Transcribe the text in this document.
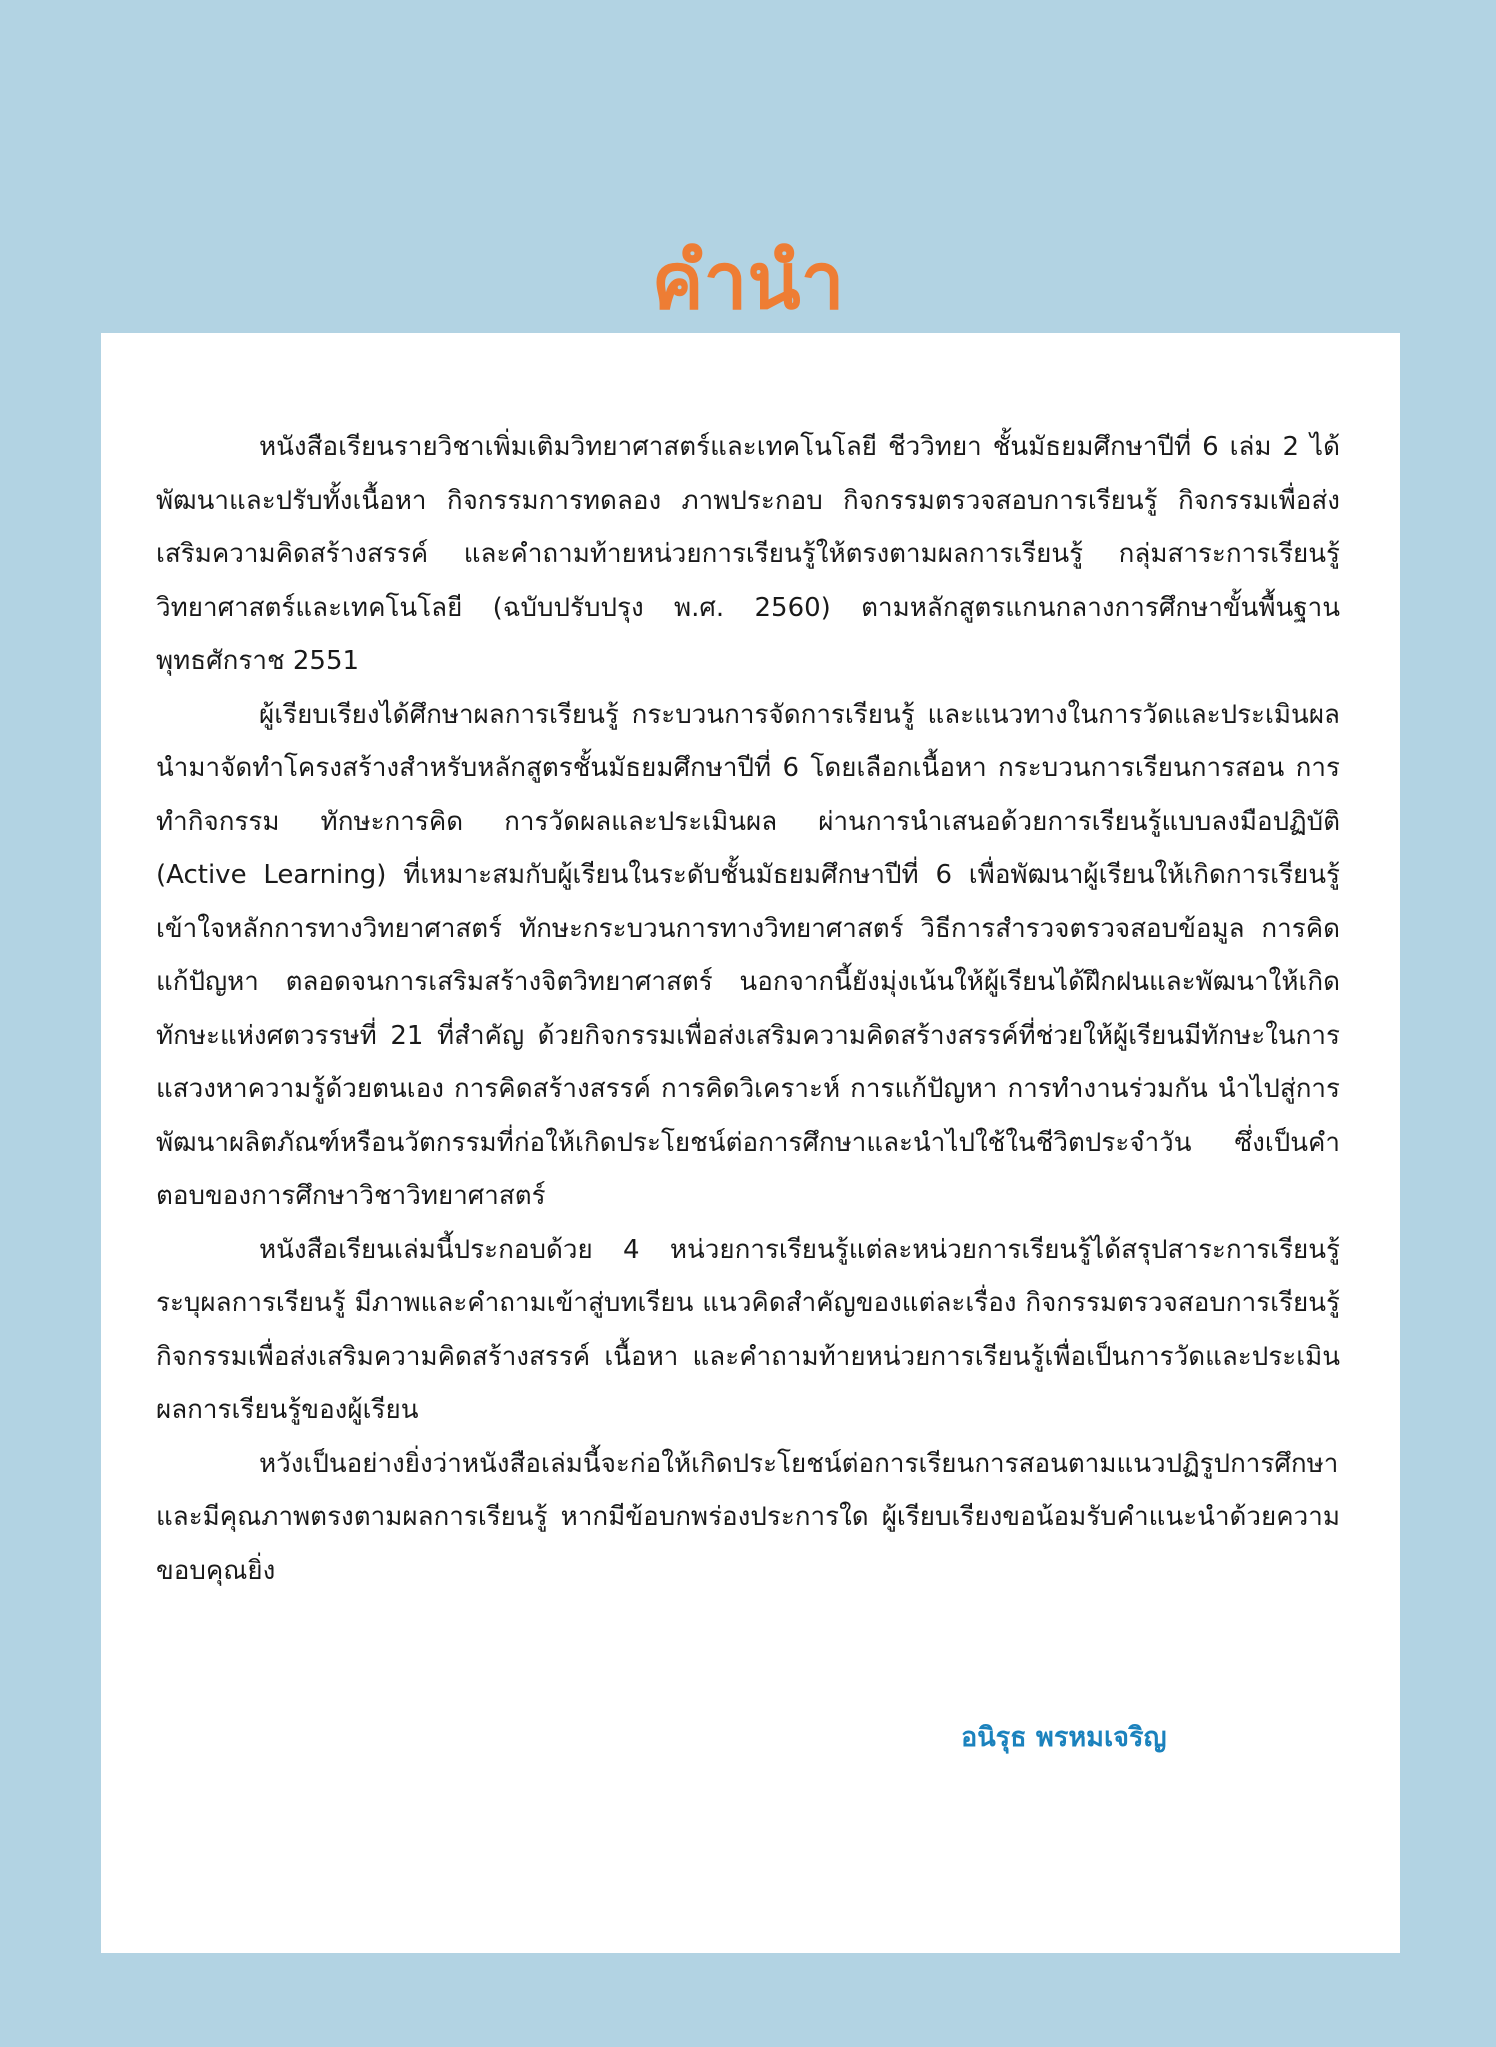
คำนำ

หนังสือเรียนรายวิชาเพิ่มเติมวิทยาศาสตร์และเทคโนโลยี ชีววิทยา ชั้นมัธยมศึกษาปีที่ 6 เล่ม 2 ได้พัฒนาและปรับทั้งเนื้อหา กิจกรรมการทดลอง ภาพประกอบ กิจกรรมตรวจสอบการเรียนรู้ กิจกรรมเพื่อส่งเสริมความคิดสร้างสรรค์ และคำถามท้ายหน่วยการเรียนรู้ให้ตรงตามผลการเรียนรู้ กลุ่มสาระการเรียนรู้วิทยาศาสตร์และเทคโนโลยี (ฉบับปรับปรุง พ.ศ. 2560) ตามหลักสูตรแกนกลางการศึกษาขั้นพื้นฐาน พุทธศักราช 2551

ผู้เรียบเรียงได้ศึกษาผลการเรียนรู้ กระบวนการจัดการเรียนรู้ และแนวทางในการวัดและประเมินผล นำมาจัดทำโครงสร้างสำหรับหลักสูตรชั้นมัธยมศึกษาปีที่ 6 โดยเลือกเนื้อหา กระบวนการเรียนการสอน การทำกิจกรรม ทักษะการคิด การวัดผลและประเมินผล ผ่านการนำเสนอด้วยการเรียนรู้แบบลงมือปฏิบัติ (Active Learning) ที่เหมาะสมกับผู้เรียนในระดับชั้นมัธยมศึกษาปีที่ 6 เพื่อพัฒนาผู้เรียนให้เกิดการเรียนรู้ เข้าใจหลักการทางวิทยาศาสตร์ ทักษะกระบวนการทางวิทยาศาสตร์ วิธีการสำรวจตรวจสอบข้อมูล การคิดแก้ปัญหา ตลอดจนการเสริมสร้างจิตวิทยาศาสตร์ นอกจากนี้ยังมุ่งเน้นให้ผู้เรียนได้ฝึกฝนและพัฒนาให้เกิดทักษะแห่งศตวรรษที่ 21 ที่สำคัญ ด้วยกิจกรรมเพื่อส่งเสริมความคิดสร้างสรรค์ที่ช่วยให้ผู้เรียนมีทักษะในการแสวงหาความรู้ด้วยตนเอง การคิดสร้างสรรค์ การคิดวิเคราะห์ การแก้ปัญหา การทำงานร่วมกัน นำไปสู่การพัฒนาผลิตภัณฑ์หรือนวัตกรรมที่ก่อให้เกิดประโยชน์ต่อการศึกษาและนำไปใช้ในชีวิตประจำวัน ซึ่งเป็นคำตอบของการศึกษาวิชาวิทยาศาสตร์

หนังสือเรียนเล่มนี้ประกอบด้วย 4 หน่วยการเรียนรู้แต่ละหน่วยการเรียนรู้ได้สรุปสาระการเรียนรู้ ระบุผลการเรียนรู้ มีภาพและคำถามเข้าสู่บทเรียน แนวคิดสำคัญของแต่ละเรื่อง กิจกรรมตรวจสอบการเรียนรู้ กิจกรรมเพื่อส่งเสริมความคิดสร้างสรรค์ เนื้อหา และคำถามท้ายหน่วยการเรียนรู้เพื่อเป็นการวัดและประเมินผลการเรียนรู้ของผู้เรียน

หวังเป็นอย่างยิ่งว่าหนังสือเล่มนี้จะก่อให้เกิดประโยชน์ต่อการเรียนการสอนตามแนวปฏิรูปการศึกษา และมีคุณภาพตรงตามผลการเรียนรู้ หากมีข้อบกพร่องประการใด ผู้เรียบเรียงขอน้อมรับคำแนะนำด้วยความขอบคุณยิ่ง

อนิรุธ พรหมเจริญ
